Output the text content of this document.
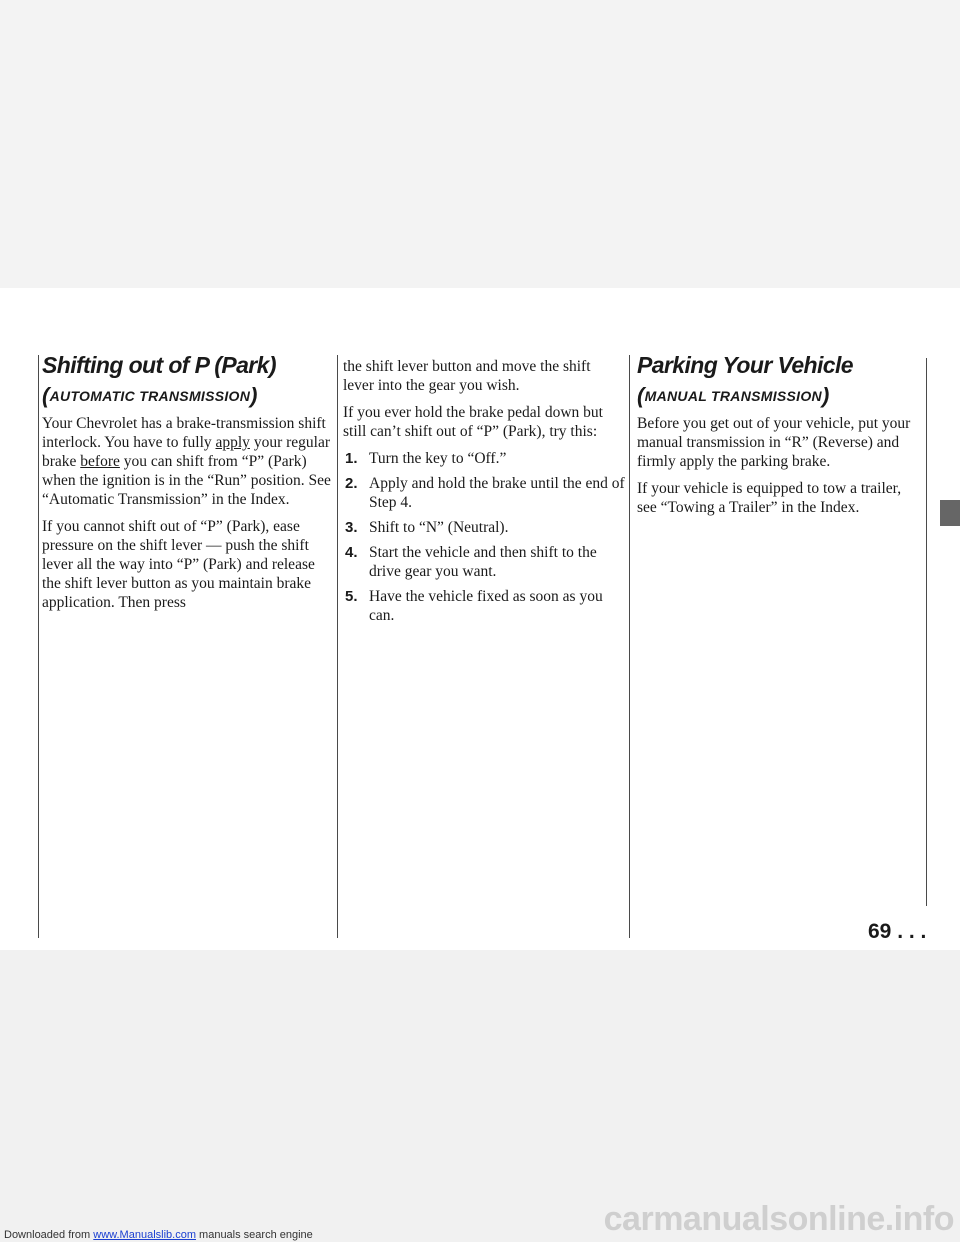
Shifting out of P (Park)
(AUTOMATIC TRANSMISSION)

Your Chevrolet has a brake-transmission shift interlock. You have to fully apply your regular brake before you can shift from “P” (Park) when the ignition is in the “Run” position. See “Automatic Transmission” in the Index.

If you cannot shift out of “P” (Park), ease pressure on the shift lever — push the shift lever all the way into “P” (Park) and release the shift lever button as you maintain brake application. Then press

the shift lever button and move the shift lever into the gear you wish.

If you ever hold the brake pedal down but still can’t shift out of “P” (Park), try this:

1. Turn the key to “Off.”
2. Apply and hold the brake until the end of Step 4.
3. Shift to “N” (Neutral).
4. Start the vehicle and then shift to the drive gear you want.
5. Have the vehicle fixed as soon as you can.
Parking Your Vehicle
(MANUAL TRANSMISSION)

Before you get out of your vehicle, put your manual transmission in “R” (Reverse) and firmly apply the parking brake.

If your vehicle is equipped to tow a trailer, see “Towing a Trailer” in the Index.

69 . . .
carmanualsonline.info
Downloaded from www.Manualslib.com manuals search engine
